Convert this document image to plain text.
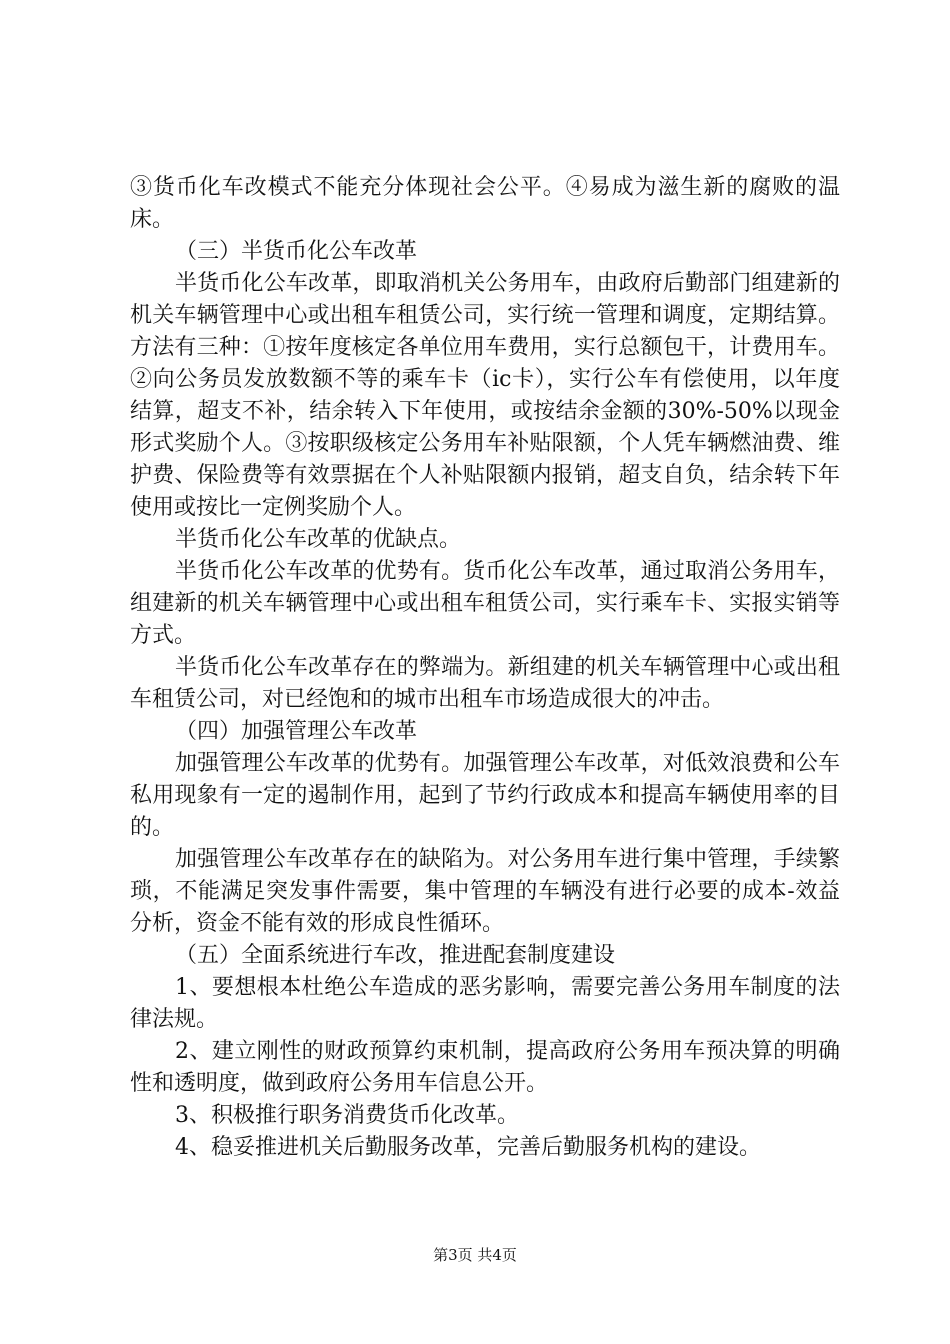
③货币化车改模式不能充分体现社会公平。④易成为滋生新的腐败的温床。

（三）半货币化公车改革

半货币化公车改革，即取消机关公务用车，由政府后勤部门组建新的机关车辆管理中心或出租车租赁公司，实行统一管理和调度，定期结算。方法有三种：①按年度核定各单位用车费用，实行总额包干，计费用车。②向公务员发放数额不等的乘车卡（ic卡），实行公车有偿使用，以年度结算，超支不补，结余转入下年使用，或按结余金额的30%-50%以现金形式奖励个人。③按职级核定公务用车补贴限额，个人凭车辆燃油费、维护费、保险费等有效票据在个人补贴限额内报销，超支自负，结余转下年使用或按比一定例奖励个人。

半货币化公车改革的优缺点。

半货币化公车改革的优势有。货币化公车改革，通过取消公务用车，组建新的机关车辆管理中心或出租车租赁公司，实行乘车卡、实报实销等方式。

半货币化公车改革存在的弊端为。新组建的机关车辆管理中心或出租车租赁公司，对已经饱和的城市出租车市场造成很大的冲击。

（四）加强管理公车改革

加强管理公车改革的优势有。加强管理公车改革，对低效浪费和公车私用现象有一定的遏制作用，起到了节约行政成本和提高车辆使用率的目的。

加强管理公车改革存在的缺陷为。对公务用车进行集中管理，手续繁琐，不能满足突发事件需要，集中管理的车辆没有进行必要的成本-效益分析，资金不能有效的形成良性循环。

（五）全面系统进行车改，推进配套制度建设

1、要想根本杜绝公车造成的恶劣影响，需要完善公务用车制度的法律法规。

2、建立刚性的财政预算约束机制，提高政府公务用车预决算的明确性和透明度，做到政府公务用车信息公开。

3、积极推行职务消费货币化改革。

4、稳妥推进机关后勤服务改革，完善后勤服务机构的建设。

第3页 共4页
